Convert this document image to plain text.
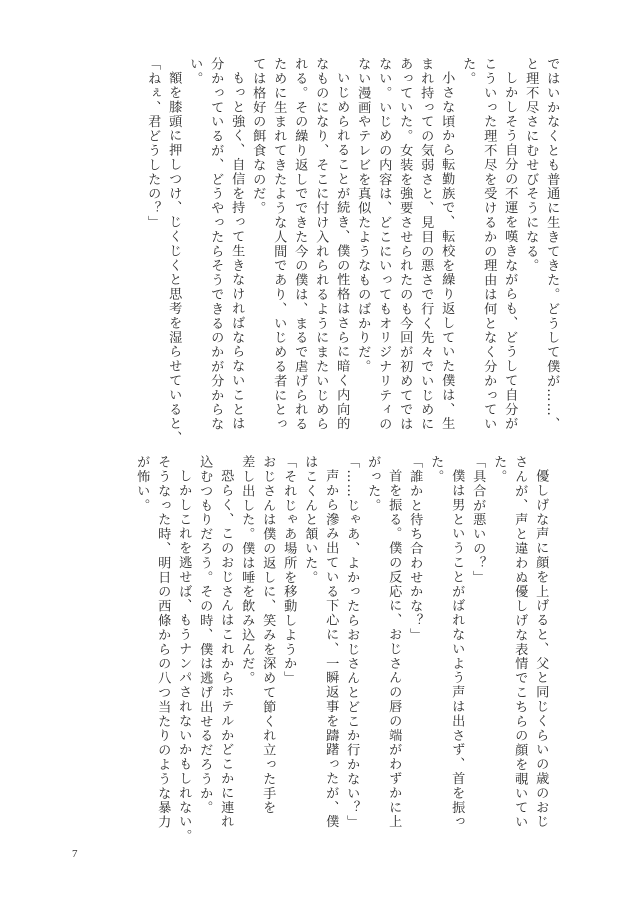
ではいかなくとも普通に生きてきた。どうして僕が……、
と理不尽さにむせびそうになる。
しかしそう自分の不運を嘆きながらも、どうして自分が
こういった理不尽を受けるかの理由は何となく分かってい
た。
小さな頃から転勤族で、転校を繰り返していた僕は、生
まれ持っての気弱さと、見目の悪さで行く先々でいじめに
あっていた。女装を強要させられたのも今回が初めてでは
ない。いじめの内容は、どこにいってもオリジナリティの
ない漫画やテレビを真似たようなものばかりだ。
いじめられることが続き、僕の性格はさらに暗く内向的
なものになり、そこに付け入れられるようにまたいじめら
れる。その繰り返しでできた今の僕は、まるで虐げられる
ために生まれてきたような人間であり、いじめる者にとっ
ては格好の餌食なのだ。
もっと強く、自信を持って生きなければならないことは
分かっているが、どうやったらそうできるのかが分からな
い。
額を膝頭に押しつけ、じくじくと思考を湿らせていると、
「ねぇ、君どうしたの？」
優しげな声に顔を上げると、父と同じくらいの歳のおじ
さんが、声と違わぬ優しげな表情でこちらの顔を覗いてい
た。
「具合が悪いの？」
僕は男ということがばれないよう声は出さず、首を振っ
た。
「誰かと待ち合わせかな？」
首を振る。僕の反応に、おじさんの唇の端がわずかに上
がった。
「……じゃあ、よかったらおじさんとどこか行かない？」
声から滲み出ている下心に、一瞬返事を躊躇ったが、僕
はこくんと頷いた。
「それじゃあ場所を移動しようか」
おじさんは僕の返しに、笑みを深めて節くれ立った手を
差し出した。僕は唾を飲み込んだ。
恐らく、このおじさんはこれからホテルかどこかに連れ
込むつもりだろう。その時、僕は逃げ出せるだろうか。
しかしこれを逃せば、もうナンパされないかもしれない。
そうなった時、明日の西條からの八つ当たりのような暴力
が怖い。
7
